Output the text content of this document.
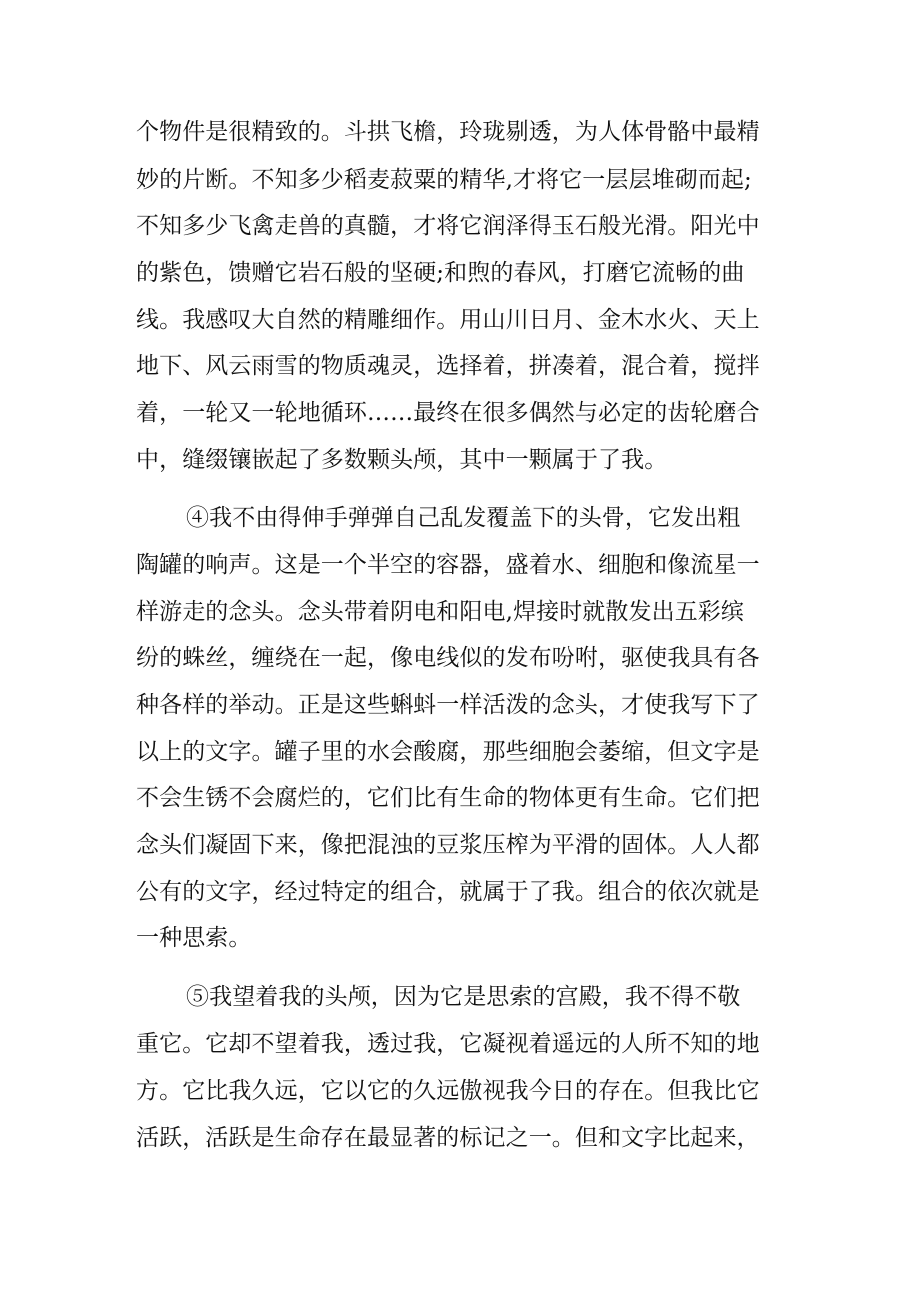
个物件是很精致的。斗拱飞檐，玲珑剔透，为人体骨骼中最精
妙的片断。不知多少稻麦菽粟的精华,才将它一层层堆砌而起;
不知多少飞禽走兽的真髓，才将它润泽得玉石般光滑。阳光中
的紫色，馈赠它岩石般的坚硬;和煦的春风，打磨它流畅的曲
线。我感叹大自然的精雕细作。用山川日月、金木水火、天上
地下、风云雨雪的物质魂灵，选择着，拼凑着，混合着，搅拌
着，一轮又一轮地循环……最终在很多偶然与必定的齿轮磨合
中，缝缀镶嵌起了多数颗头颅，其中一颗属于了我。
④我不由得伸手弹弹自己乱发覆盖下的头骨，它发出粗
陶罐的响声。这是一个半空的容器，盛着水、细胞和像流星一
样游走的念头。念头带着阴电和阳电,焊接时就散发出五彩缤
纷的蛛丝，缠绕在一起，像电线似的发布吩咐，驱使我具有各
种各样的举动。正是这些蝌蚪一样活泼的念头，才使我写下了
以上的文字。罐子里的水会酸腐，那些细胞会萎缩，但文字是
不会生锈不会腐烂的，它们比有生命的物体更有生命。它们把
念头们凝固下来，像把混浊的豆浆压榨为平滑的固体。人人都
公有的文字，经过特定的组合，就属于了我。组合的依次就是
一种思索。
⑤我望着我的头颅，因为它是思索的宫殿，我不得不敬
重它。它却不望着我，透过我，它凝视着遥远的人所不知的地
方。它比我久远，它以它的久远傲视我今日的存在。但我比它
活跃，活跃是生命存在最显著的标记之一。但和文字比起来，
